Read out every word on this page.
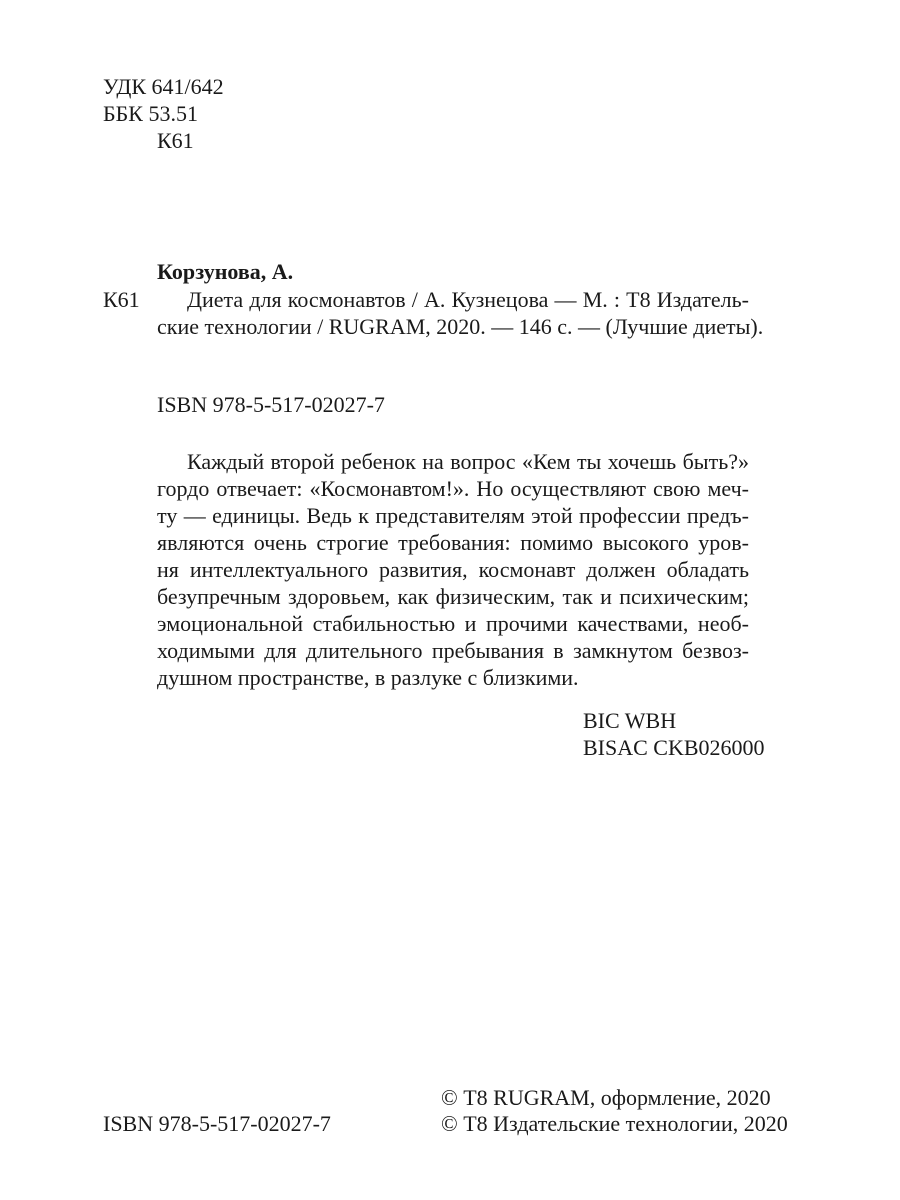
УДК 641/642
ББК 53.51
К61
Корзунова, А.
К61	Диета для космонавтов / А. Кузнецова — М. : Т8 Издатель-
ские технологии / RUGRAM, 2020. — 146 с. — (Лучшие диеты).
ISBN 978-5-517-02027-7
Каждый второй ребенок на вопрос «Кем ты хочешь быть?»
гордо отвечает: «Космонавтом!». Но осуществляют свою меч-
ту — единицы. Ведь к представителям этой профессии предъ-
являются очень строгие требования: помимо высокого уров-
ня интеллектуального развития, космонавт должен обладать
безупречным здоровьем, как физическим, так и психическим;
эмоциональной стабильностью и прочими качествами, необ-
ходимыми для длительного пребывания в замкнутом безвоз-
душном пространстве, в разлуке с близкими.
BIC WBH
BISAC CKB026000
© Т8 RUGRAM, оформление, 2020
ISBN 978-5-517-02027-7	© Т8 Издательские технологии, 2020
